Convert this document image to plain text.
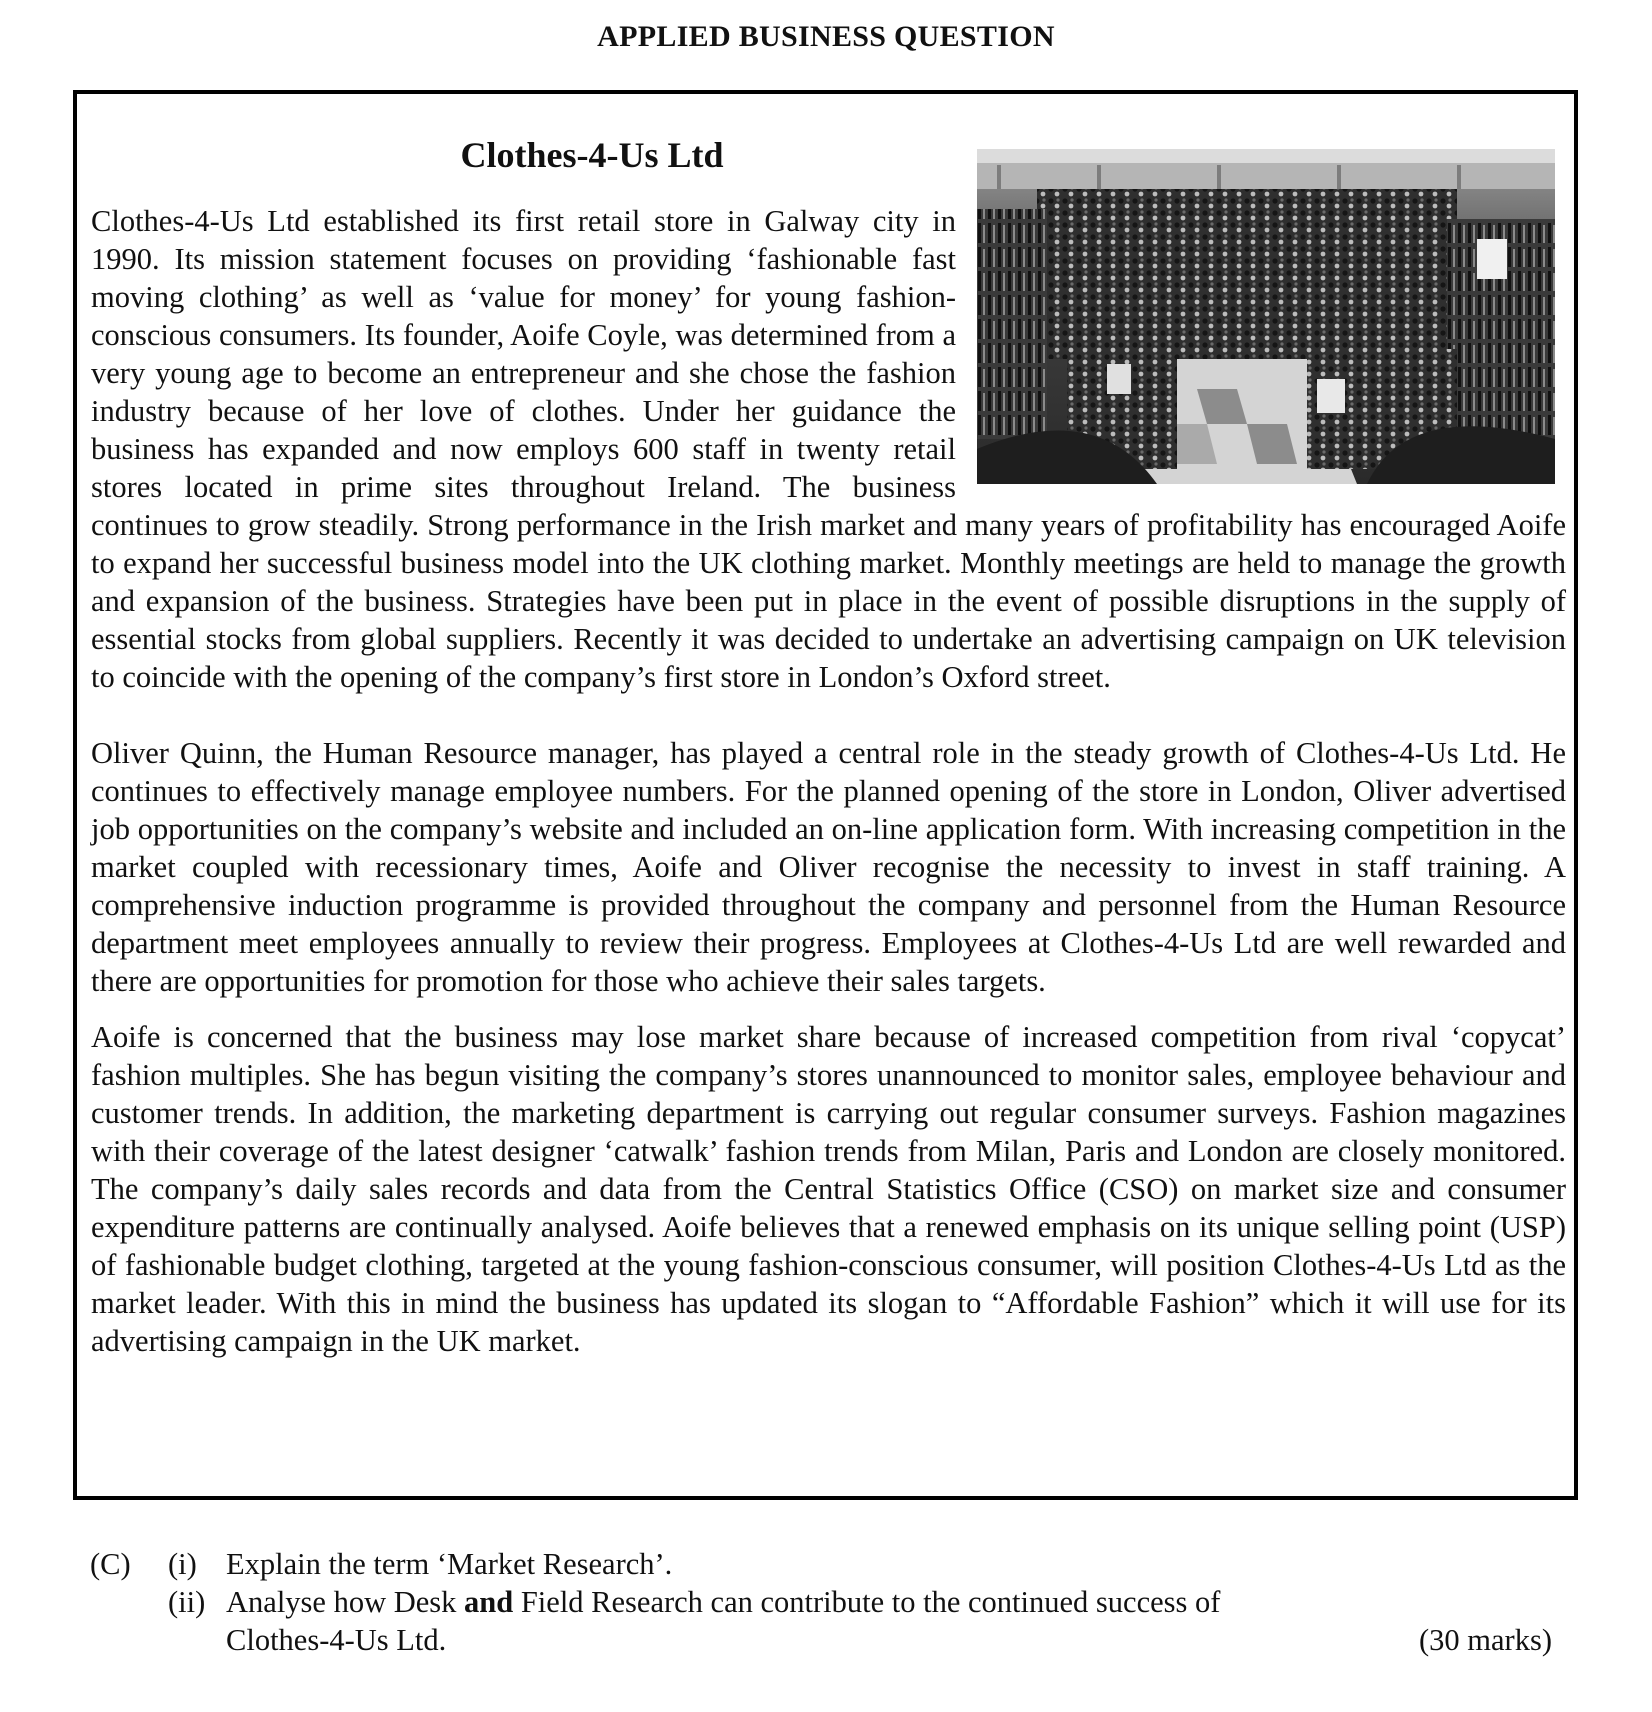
APPLIED BUSINESS QUESTION
Clothes-4-Us Ltd

Clothes-4-Us Ltd established its first retail store in Galway city in 1990. Its mission statement focuses on providing ‘fashionable fast moving clothing’ as well as ‘value for money’ for young fashion-conscious consumers. Its founder, Aoife Coyle, was determined from a very young age to become an entrepreneur and she chose the fashion industry because of her love of clothes. Under her guidance the business has expanded and now employs 600 staff in twenty retail stores located in prime sites throughout Ireland. The business continues to grow steadily. Strong performance in the Irish market and many years of profitability has encouraged Aoife to expand her successful business model into the UK clothing market. Monthly meetings are held to manage the growth and expansion of the business. Strategies have been put in place in the event of possible disruptions in the supply of essential stocks from global suppliers. Recently it was decided to undertake an advertising campaign on UK television to coincide with the opening of the company’s first store in London’s Oxford street.

Oliver Quinn, the Human Resource manager, has played a central role in the steady growth of Clothes-4-Us Ltd. He continues to effectively manage employee numbers. For the planned opening of the store in London, Oliver advertised job opportunities on the company’s website and included an on-line application form. With increasing competition in the market coupled with recessionary times, Aoife and Oliver recognise the necessity to invest in staff training. A comprehensive induction programme is provided throughout the company and personnel from the Human Resource department meet employees annually to review their progress. Employees at Clothes-4-Us Ltd are well rewarded and there are opportunities for promotion for those who achieve their sales targets.

Aoife is concerned that the business may lose market share because of increased competition from rival ‘copycat’ fashion multiples. She has begun visiting the company’s stores unannounced to monitor sales, employee behaviour and customer trends. In addition, the marketing department is carrying out regular consumer surveys. Fashion magazines with their coverage of the latest designer ‘catwalk’ fashion trends from Milan, Paris and London are closely monitored. The company’s daily sales records and data from the Central Statistics Office (CSO) on market size and consumer expenditure patterns are continually analysed. Aoife believes that a renewed emphasis on its unique selling point (USP) of fashionable budget clothing, targeted at the young fashion-conscious consumer, will position Clothes-4-Us Ltd as the market leader. With this in mind the business has updated its slogan to “Affordable Fashion” which it will use for its advertising campaign in the UK market.

(C) (i) Explain the term ‘Market Research’.
(ii) Analyse how Desk and Field Research can contribute to the continued success of
Clothes-4-Us Ltd.	(30 marks)
